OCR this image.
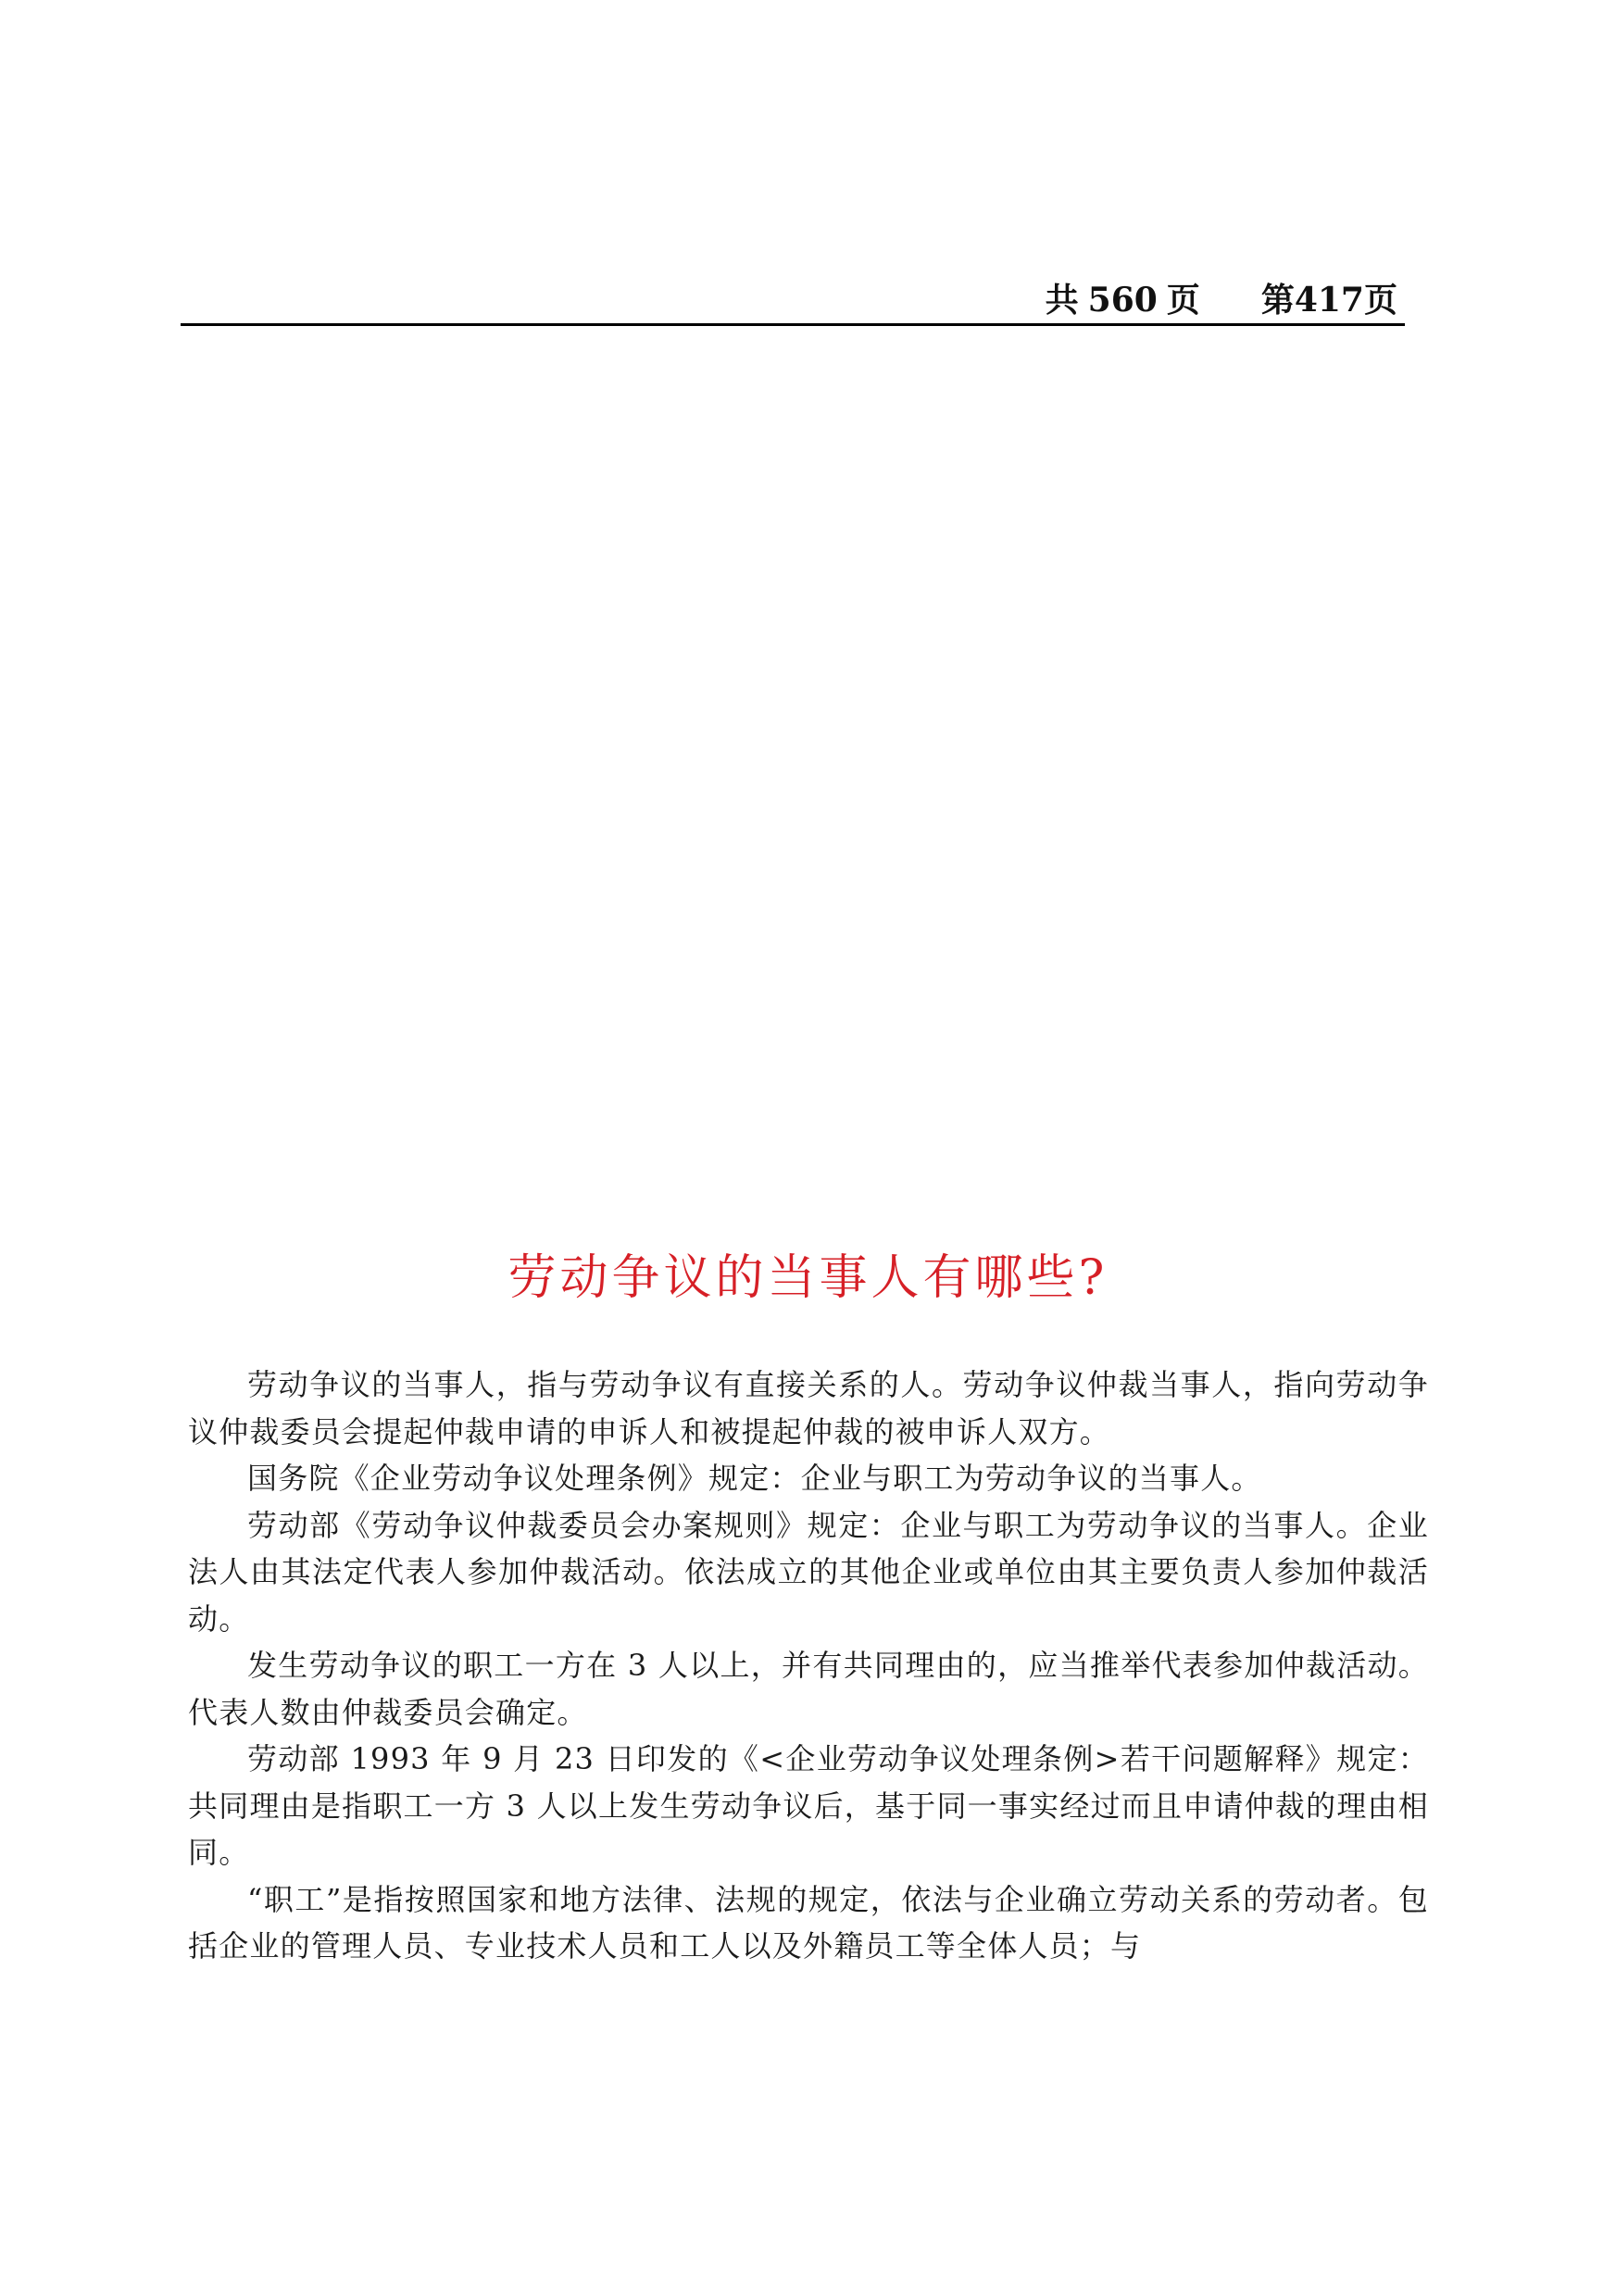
共 560 页 第417页
劳动争议的当事人有哪些?

劳动争议的当事人，指与劳动争议有直接关系的人。劳动争议仲裁当事人，指向劳动争议仲裁委员会提起仲裁申请的申诉人和被提起仲裁的被申诉人双方。

国务院《企业劳动争议处理条例》规定：企业与职工为劳动争议的当事人。

劳动部《劳动争议仲裁委员会办案规则》规定：企业与职工为劳动争议的当事人。企业法人由其法定代表人参加仲裁活动。依法成立的其他企业或单位由其主要负责人参加仲裁活动。

发生劳动争议的职工一方在 3 人以上，并有共同理由的，应当推举代表参加仲裁活动。代表人数由仲裁委员会确定。

劳动部 1993 年 9 月 23 日印发的《<企业劳动争议处理条例>若干问题解释》规定：共同理由是指职工一方 3 人以上发生劳动争议后，基于同一事实经过而且申请仲裁的理由相同。

“职工”是指按照国家和地方法律、法规的规定，依法与企业确立劳动关系的劳动者。包括企业的管理人员、专业技术人员和工人以及外籍员工等全体人员；与
